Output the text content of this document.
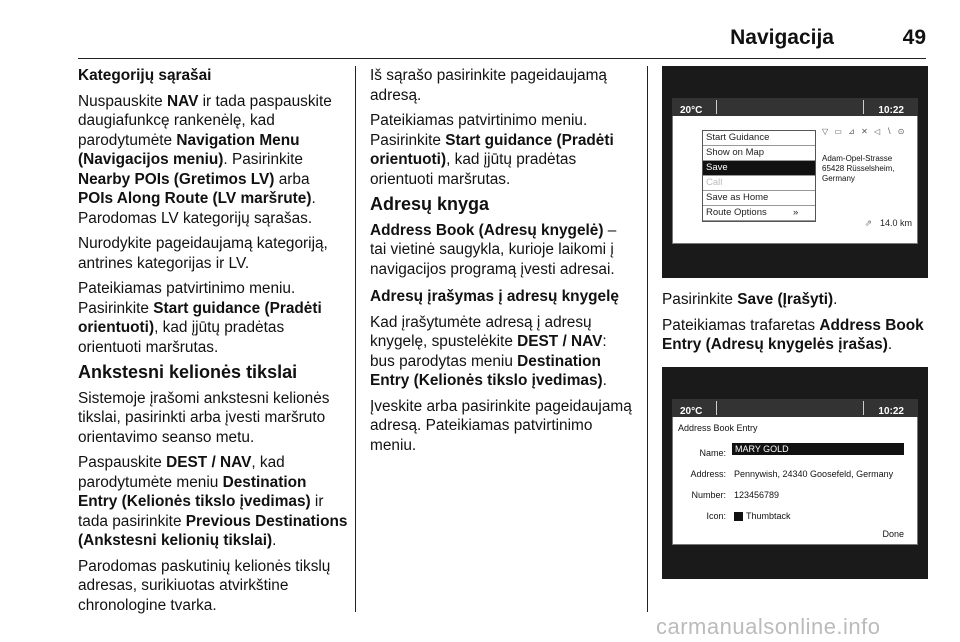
Navigacija	49

Kategorijų sąrašai

Nuspauskite NAV ir tada paspauskite daugiafunkcę rankenėlę, kad parodytumėte Navigation Menu (Navigacijos meniu). Pasirinkite Nearby POIs (Gretimos LV) arba POIs Along Route (LV maršrute). Parodomas LV kategorijų sąrašas.

Nurodykite pageidaujamą kategoriją, antrines kategorijas ir LV.

Pateikiamas patvirtinimo meniu. Pasirinkite Start guidance (Pradėti orientuoti), kad įjūtų pradėtas orientuoti maršrutas.

Ankstesni kelionės tikslai

Sistemoje įrašomi ankstesni kelionės tikslai, pasirinkti arba įvesti maršruto orientavimo seanso metu.

Paspauskite DEST / NAV, kad parodytumėte meniu Destination Entry (Kelionės tikslo įvedimas) ir tada pasirinkite Previous Destinations (Ankstesni kelionių tikslai).

Parodomas paskutinių kelionės tikslų adresas, surikiuotas atvirkštine chronologine tvarka.

Iš sąrašo pasirinkite pageidaujamą adresą.

Pateikiamas patvirtinimo meniu. Pasirinkite Start guidance (Pradėti orientuoti), kad įjūtų pradėtas orientuoti maršrutas.

Adresų knyga

Address Book (Adresų knygelė) – tai vietinė saugykla, kurioje laikomi į navigacijos programą įvesti adresai.

Adresų įrašymas į adresų knygelę

Kad įrašytumėte adresą į adresų knygelę, spustelėkite DEST / NAV: bus parodytas meniu Destination Entry (Kelionės tikslo įvedimas).

Įveskite arba pasirinkite pageidaujamą adresą. Pateikiamas patvirtinimo meniu.

20°C	10:22
▽ ▭ ⊿ ✕ ◁ ∖ ⊙
Start Guidance
Show on Map
Save
Call
Save as Home
Route Options	»
Adam-Opel-Strasse
65428 Rüsselsheim, Germany
⇗ 14.0 km

Pasirinkite Save (Įrašyti).

Pateikiamas trafaretas Address Book Entry (Adresų knygelės įrašas).

20°C	10:22
Address Book Entry
Name:	MARY GOLD
Address: Pennywish, 24340 Goosefeld, Germany
Number: 123456789
Icon:	Thumbtack
Done
carmanualsonline.info
